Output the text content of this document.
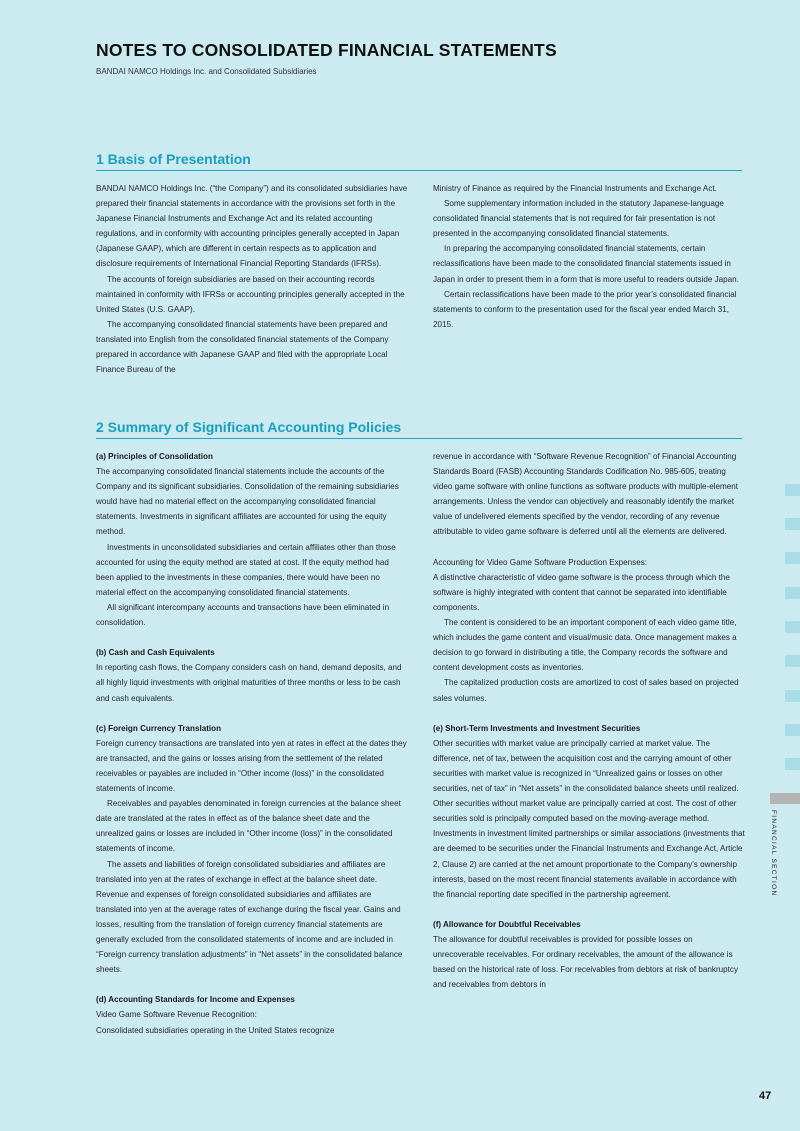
NOTES TO CONSOLIDATED FINANCIAL STATEMENTS
BANDAI NAMCO Holdings Inc. and Consolidated Subsidiaries
1 Basis of Presentation

BANDAI NAMCO Holdings Inc. (“the Company”) and its consolidated subsidiaries have prepared their financial statements in accordance with the provisions set forth in the Japanese Financial Instruments and Exchange Act and its related accounting regulations, and in conformity with accounting principles generally accepted in Japan (Japanese GAAP), which are different in certain respects as to application and disclosure requirements of International Financial Reporting Standards (IFRSs).

The accounts of foreign subsidiaries are based on their accounting records maintained in conformity with IFRSs or accounting principles generally accepted in the United States (U.S. GAAP).

The accompanying consolidated financial statements have been prepared and translated into English from the consolidated financial statements of the Company prepared in accordance with Japanese GAAP and filed with the appropriate Local Finance Bureau of the

Ministry of Finance as required by the Financial Instruments and Exchange Act.

Some supplementary information included in the statutory Japanese-language consolidated financial statements that is not required for fair presentation is not presented in the accompanying consolidated financial statements.

In preparing the accompanying consolidated financial statements, certain reclassifications have been made to the consolidated financial statements issued in Japan in order to present them in a form that is more useful to readers outside Japan.

Certain reclassifications have been made to the prior year’s consolidated financial statements to conform to the presentation used for the fiscal year ended March 31, 2015.

2 Summary of Significant Accounting Policies

(a) Principles of Consolidation

The accompanying consolidated financial statements include the accounts of the Company and its significant subsidiaries. Consolidation of the remaining subsidiaries would have had no material effect on the accompanying consolidated financial statements. Investments in significant affiliates are accounted for using the equity method.

Investments in unconsolidated subsidiaries and certain affiliates other than those accounted for using the equity method are stated at cost. If the equity method had been applied to the investments in these companies, there would have been no material effect on the accompanying consolidated financial statements.

All significant intercompany accounts and transactions have been eliminated in consolidation.

(b) Cash and Cash Equivalents

In reporting cash flows, the Company considers cash on hand, demand deposits, and all highly liquid investments with original maturities of three months or less to be cash and cash equivalents.

(c) Foreign Currency Translation

Foreign currency transactions are translated into yen at rates in effect at the dates they are transacted, and the gains or losses arising from the settlement of the related receivables or payables are included in “Other income (loss)” in the consolidated statements of income.

Receivables and payables denominated in foreign currencies at the balance sheet date are translated at the rates in effect as of the balance sheet date and the unrealized gains or losses are included in “Other income (loss)” in the consolidated statements of income.

The assets and liabilities of foreign consolidated subsidiaries and affiliates are translated into yen at the rates of exchange in effect at the balance sheet date. Revenue and expenses of foreign consolidated subsidiaries and affiliates are translated into yen at the average rates of exchange during the fiscal year. Gains and losses, resulting from the translation of foreign currency financial statements are generally excluded from the consolidated statements of income and are included in “Foreign currency translation adjustments” in “Net assets” in the consolidated balance sheets.

(d) Accounting Standards for Income and Expenses

Video Game Software Revenue Recognition:

Consolidated subsidiaries operating in the United States recognize

revenue in accordance with “Software Revenue Recognition” of Financial Accounting Standards Board (FASB) Accounting Standards Codification No. 985-605, treating video game software with online functions as software products with multiple-element arrangements. Unless the vendor can objectively and reasonably identify the market value of undelivered elements specified by the vendor, recording of any revenue attributable to video game software is deferred until all the elements are delivered.

Accounting for Video Game Software Production Expenses:

A distinctive characteristic of video game software is the process through which the software is highly integrated with content that cannot be separated into identifiable components.

The content is considered to be an important component of each video game title, which includes the game content and visual/music data. Once management makes a decision to go forward in distributing a title, the Company records the software and content development costs as inventories.

The capitalized production costs are amortized to cost of sales based on projected sales volumes.

(e) Short-Term Investments and Investment Securities

Other securities with market value are principally carried at market value. The difference, net of tax, between the acquisition cost and the carrying amount of other securities with market value is recognized in “Unrealized gains or losses on other securities, net of tax” in “Net assets” in the consolidated balance sheets until realized. Other securities without market value are principally carried at cost. The cost of other securities sold is principally computed based on the moving-average method. Investments in investment limited partnerships or similar associations (investments that are deemed to be securities under the Financial Instruments and Exchange Act, Article 2, Clause 2) are carried at the net amount proportionate to the Company’s ownership interests, based on the most recent financial statements available in accordance with the financial reporting date specified in the partnership agreement.

(f) Allowance for Doubtful Receivables

The allowance for doubtful receivables is provided for possible losses on unrecoverable receivables. For ordinary receivables, the amount of the allowance is based on the historical rate of loss. For receivables from debtors at risk of bankruptcy and receivables from debtors in

FINANCIAL SECTION
47
